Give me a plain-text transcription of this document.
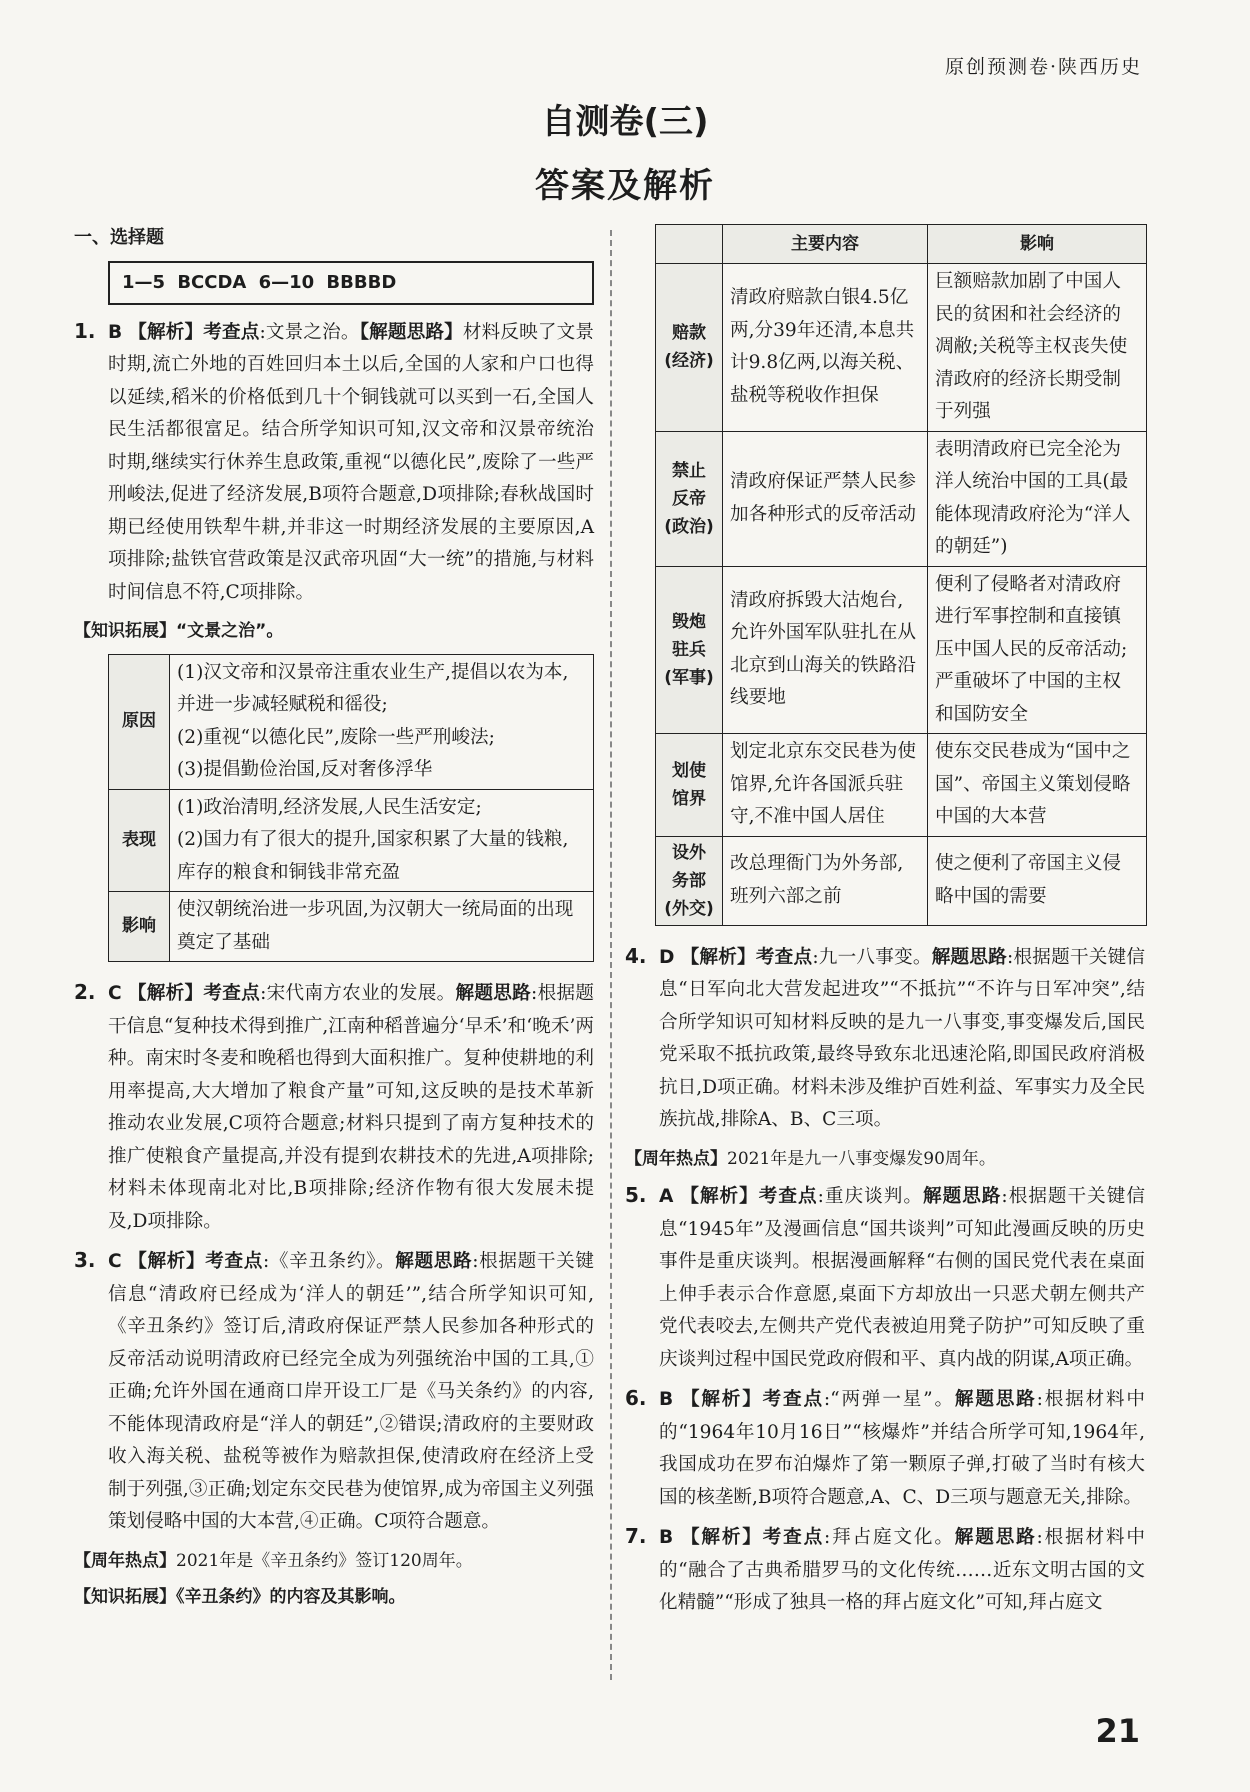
原创预测卷·陕西历史
自测卷(三)
答案及解析
一、选择题
1—5 BCCDA 6—10 BBBBD
1. B 【解析】考查点:文景之治。【解题思路】材料反映了文景时期,流亡外地的百姓回归本土以后,全国的人家和户口也得以延续,稻米的价格低到几十个铜钱就可以买到一石,全国人民生活都很富足。结合所学知识可知,汉文帝和汉景帝统治时期,继续实行休养生息政策,重视“以德化民”,废除了一些严刑峻法,促进了经济发展,B项符合题意,D项排除;春秋战国时期已经使用铁犁牛耕,并非这一时期经济发展的主要原因,A项排除;盐铁官营政策是汉武帝巩固“大一统”的措施,与材料时间信息不符,C项排除。
【知识拓展】“文景之治”。
原因	(1)汉文帝和汉景帝注重农业生产,提倡以农为本,并进一步减轻赋税和徭役;
(2)重视“以德化民”,废除一些严刑峻法;
(3)提倡勤俭治国,反对奢侈浮华
表现	(1)政治清明,经济发展,人民生活安定;
(2)国力有了很大的提升,国家积累了大量的钱粮,库存的粮食和铜钱非常充盈
影响	使汉朝统治进一步巩固,为汉朝大一统局面的出现奠定了基础
2. C 【解析】考查点:宋代南方农业的发展。解题思路:根据题干信息“复种技术得到推广,江南种稻普遍分‘早禾’和‘晚禾’两种。南宋时冬麦和晚稻也得到大面积推广。复种使耕地的利用率提高,大大增加了粮食产量”可知,这反映的是技术革新推动农业发展,C项符合题意;材料只提到了南方复种技术的推广使粮食产量提高,并没有提到农耕技术的先进,A项排除;材料未体现南北对比,B项排除;经济作物有很大发展未提及,D项排除。
3. C 【解析】考查点:《辛丑条约》。解题思路:根据题干关键信息“清政府已经成为‘洋人的朝廷’”,结合所学知识可知,《辛丑条约》签订后,清政府保证严禁人民参加各种形式的反帝活动说明清政府已经完全成为列强统治中国的工具,①正确;允许外国在通商口岸开设工厂是《马关条约》的内容,不能体现清政府是“洋人的朝廷”,②错误;清政府的主要财政收入海关税、盐税等被作为赔款担保,使清政府在经济上受制于列强,③正确;划定东交民巷为使馆界,成为帝国主义列强策划侵略中国的大本营,④正确。C项符合题意。
【周年热点】2021年是《辛丑条约》签订120周年。
【知识拓展】《辛丑条约》的内容及其影响。
	主要内容	影响
赔款
(经济)	清政府赔款白银4.5亿两,分39年还清,本息共计9.8亿两,以海关税、盐税等税收作担保	巨额赔款加剧了中国人民的贫困和社会经济的凋敝;关税等主权丧失使清政府的经济长期受制于列强
禁止
反帝
(政治)	清政府保证严禁人民参加各种形式的反帝活动	表明清政府已完全沦为洋人统治中国的工具(最能体现清政府沦为“洋人的朝廷”)
毁炮
驻兵
(军事)	清政府拆毁大沽炮台,允许外国军队驻扎在从北京到山海关的铁路沿线要地	便利了侵略者对清政府进行军事控制和直接镇压中国人民的反帝活动;严重破坏了中国的主权和国防安全
划使
馆界	划定北京东交民巷为使馆界,允许各国派兵驻守,不准中国人居住	使东交民巷成为“国中之国”、帝国主义策划侵略中国的大本营
设外
务部
(外交)	改总理衙门为外务部,班列六部之前	使之便利了帝国主义侵略中国的需要
4. D 【解析】考查点:九一八事变。解题思路:根据题干关键信息“日军向北大营发起进攻”“不抵抗”“不许与日军冲突”,结合所学知识可知材料反映的是九一八事变,事变爆发后,国民党采取不抵抗政策,最终导致东北迅速沦陷,即国民政府消极抗日,D项正确。材料未涉及维护百姓利益、军事实力及全民族抗战,排除A、B、C三项。
【周年热点】2021年是九一八事变爆发90周年。
5. A 【解析】考查点:重庆谈判。解题思路:根据题干关键信息“1945年”及漫画信息“国共谈判”可知此漫画反映的历史事件是重庆谈判。根据漫画解释“右侧的国民党代表在桌面上伸手表示合作意愿,桌面下方却放出一只恶犬朝左侧共产党代表咬去,左侧共产党代表被迫用凳子防护”可知反映了重庆谈判过程中国民党政府假和平、真内战的阴谋,A项正确。
6. B 【解析】考查点:“两弹一星”。解题思路:根据材料中的“1964年10月16日”“核爆炸”并结合所学可知,1964年,我国成功在罗布泊爆炸了第一颗原子弹,打破了当时有核大国的核垄断,B项符合题意,A、C、D三项与题意无关,排除。
7. B 【解析】考查点:拜占庭文化。解题思路:根据材料中的“融合了古典希腊罗马的文化传统……近东文明古国的文化精髓”“形成了独具一格的拜占庭文化”可知,拜占庭文
21
